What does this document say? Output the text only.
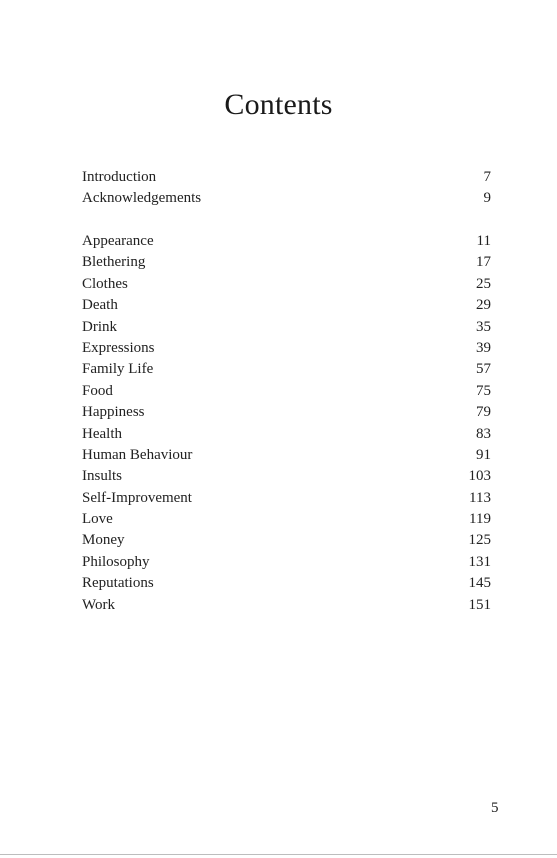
Contents
Introduction	7
Acknowledgements	9
Appearance	11
Blethering	17
Clothes	25
Death	29
Drink	35
Expressions	39
Family Life	57
Food	75
Happiness	79
Health	83
Human Behaviour	91
Insults	103
Self-Improvement	113
Love	119
Money	125
Philosophy	131
Reputations	145
Work	151
5
